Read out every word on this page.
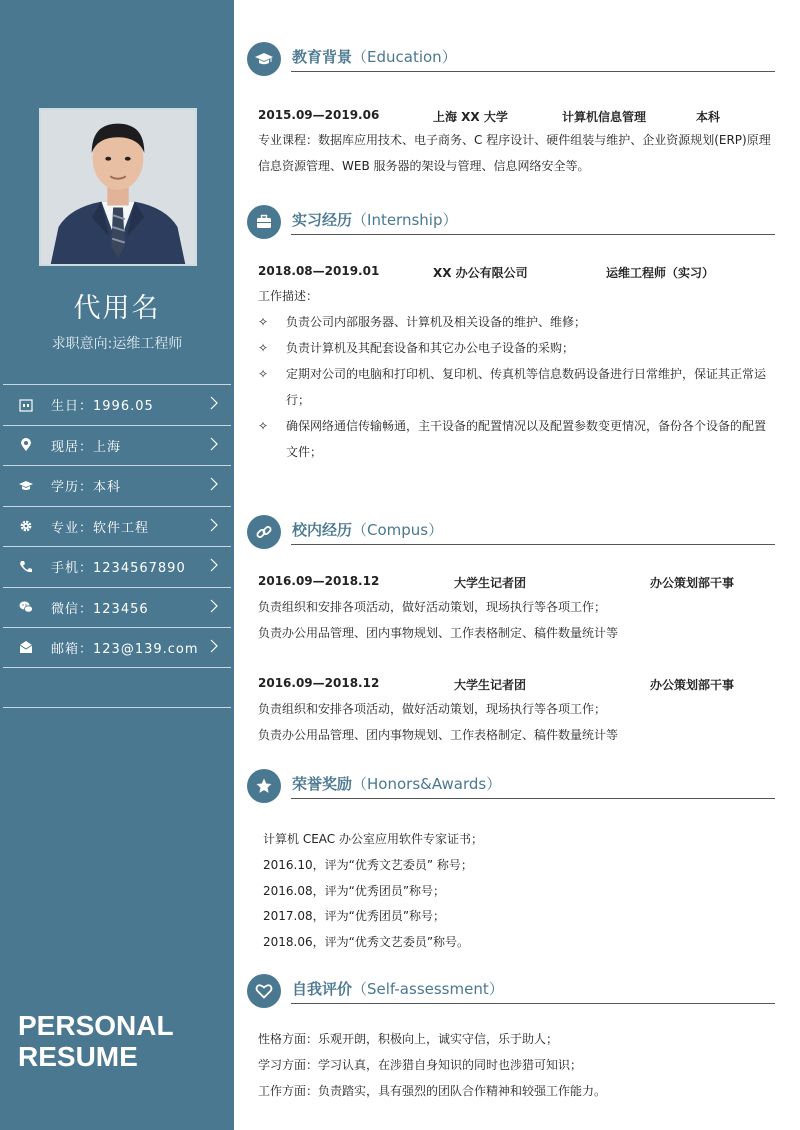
代用名
求职意向:运维工程师
生日：1996.05
现居：上海
学历：本科
专业：软件工程
手机：1234567890
微信：123456
邮箱：123@139.com
PERSONAL
RESUME
教育背景（Education）
2015.09—2019.06	上海 XX 大学	计算机信息管理	本科
专业课程：数据库应用技术、电子商务、C 程序设计、硬件组装与维护、企业资源规划(ERP)原理信息资源管理、WEB 服务器的架设与管理、信息网络安全等。
实习经历（Internship）
2018.08—2019.01	XX 办公有限公司	运维工程师（实习）
工作描述：
✧ 负责公司内部服务器、计算机及相关设备的维护、维修；
✧ 负责计算机及其配套设备和其它办公电子设备的采购；
✧ 定期对公司的电脑和打印机、复印机、传真机等信息数码设备进行日常维护，保证其正常运行；
✧ 确保网络通信传输畅通，主干设备的配置情况以及配置参数变更情况，备份各个设备的配置文件；
校内经历（Compus）
2016.09—2018.12	大学生记者团	办公策划部干事
负责组织和安排各项活动，做好活动策划，现场执行等各项工作；
负责办公用品管理、团内事物规划、工作表格制定、稿件数量统计等
2016.09—2018.12	大学生记者团	办公策划部干事
负责组织和安排各项活动，做好活动策划，现场执行等各项工作；
负责办公用品管理、团内事物规划、工作表格制定、稿件数量统计等
荣誉奖励（Honors&Awards）
计算机 CEAC 办公室应用软件专家证书；
2016.10，评为“优秀文艺委员” 称号；
2016.08，评为“优秀团员”称号；
2017.08，评为“优秀团员”称号；
2018.06，评为“优秀文艺委员”称号。
自我评价（Self-assessment）
性格方面：乐观开朗，积极向上，诚实守信，乐于助人；
学习方面：学习认真，在涉猎自身知识的同时也涉猎可知识；
工作方面：负责踏实，具有强烈的团队合作精神和较强工作能力。
